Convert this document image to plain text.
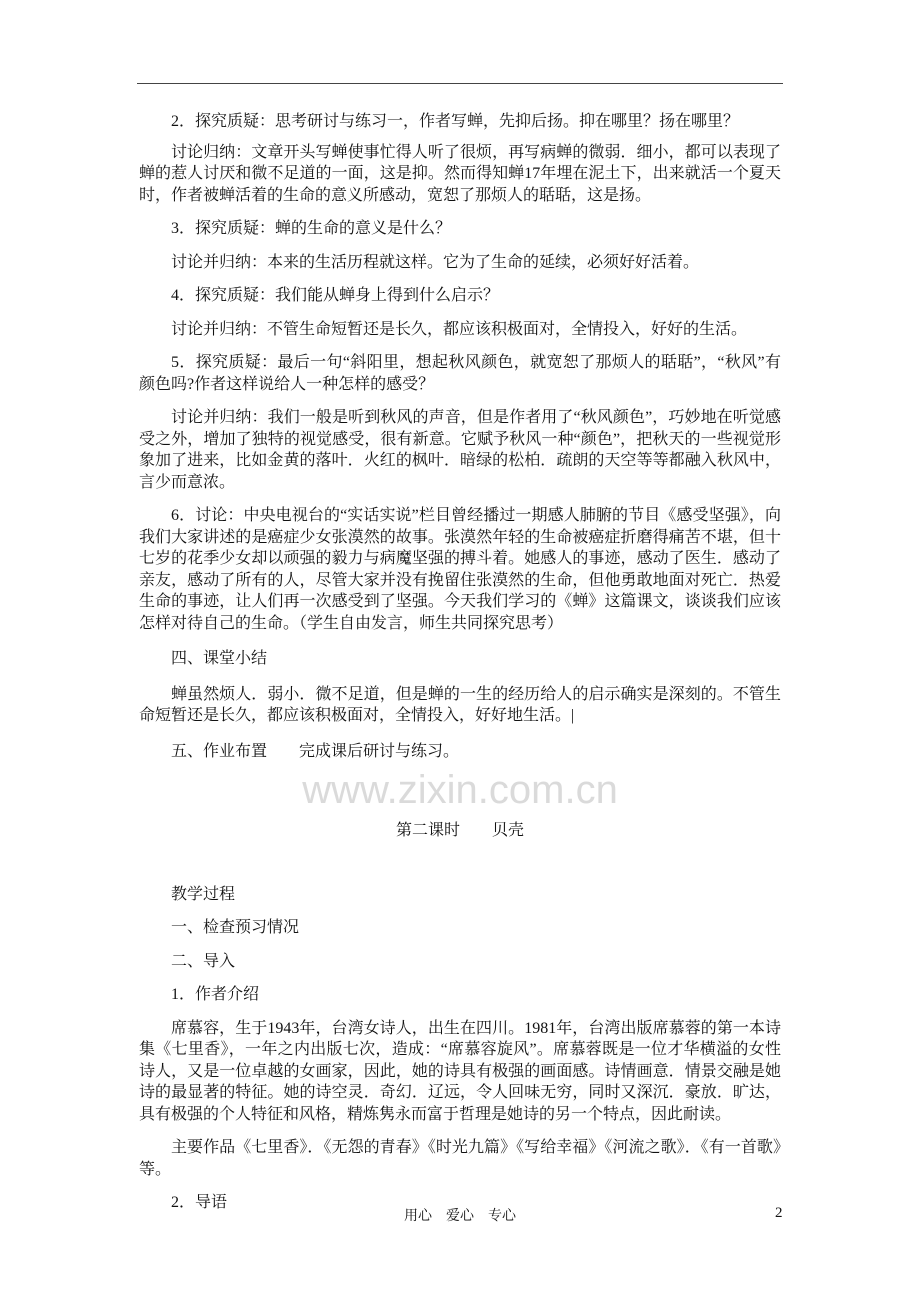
2．探究质疑：思考研讨与练习一，作者写蝉，先抑后扬。抑在哪里？扬在哪里？

讨论归纳：文章开头写蝉使事忙得人听了很烦，再写病蝉的微弱．细小，都可以表现了蝉的惹人讨厌和微不足道的一面，这是抑。然而得知蝉17年埋在泥土下，出来就活一个夏天时，作者被蝉活着的生命的意义所感动，宽恕了那烦人的聒聒，这是扬。

3．探究质疑：蝉的生命的意义是什么？

讨论并归纳：本来的生活历程就这样。它为了生命的延续，必须好好活着。

4．探究质疑：我们能从蝉身上得到什么启示？

讨论并归纳：不管生命短暂还是长久，都应该积极面对，全情投入，好好的生活。

5．探究质疑：最后一句“斜阳里，想起秋风颜色，就宽恕了那烦人的聒聒”，“秋风”有颜色吗?作者这样说给人一种怎样的感受？

讨论并归纳：我们一般是听到秋风的声音，但是作者用了“秋风颜色”，巧妙地在听觉感受之外，增加了独特的视觉感受，很有新意。它赋予秋风一种“颜色”，把秋天的一些视觉形象加了进来，比如金黄的落叶．火红的枫叶．暗绿的松柏．疏朗的天空等等都融入秋风中，言少而意浓。

6．讨论：中央电视台的“实话实说”栏目曾经播过一期感人肺腑的节目《感受坚强》，向我们大家讲述的是癌症少女张漠然的故事。张漠然年轻的生命被癌症折磨得痛苦不堪，但十七岁的花季少女却以顽强的毅力与病魔坚强的搏斗着。她感人的事迹，感动了医生．感动了亲友，感动了所有的人，尽管大家并没有挽留住张漠然的生命，但他勇敢地面对死亡．热爱生命的事迹，让人们再一次感受到了坚强。今天我们学习的《蝉》这篇课文，谈谈我们应该怎样对待自己的生命。（学生自由发言，师生共同探究思考）

四、课堂小结

蝉虽然烦人．弱小．微不足道，但是蝉的一生的经历给人的启示确实是深刻的。不管生命短暂还是长久，都应该积极面对，全情投入，好好地生活。|

五、作业布置　　完成课后研讨与练习。

www.zixin.com.cn

第二课时　　贝壳

教学过程

一、检查预习情况

二、导入

1．作者介绍

席慕容，生于1943年，台湾女诗人，出生在四川。1981年，台湾出版席慕蓉的第一本诗集《七里香》，一年之内出版七次，造成：“席慕容旋风”。席慕蓉既是一位才华横溢的女性诗人，又是一位卓越的女画家，因此，她的诗具有极强的画面感。诗情画意．情景交融是她诗的最显著的特征。她的诗空灵．奇幻．辽远，令人回味无穷，同时又深沉．豪放．旷达，具有极强的个人特征和风格，精炼隽永而富于哲理是她诗的另一个特点，因此耐读。

主要作品《七里香》．《无怨的青春》《时光九篇》《写给幸福》《河流之歌》．《有一首歌》等。

2．导语

用心　爱心　专心	2
